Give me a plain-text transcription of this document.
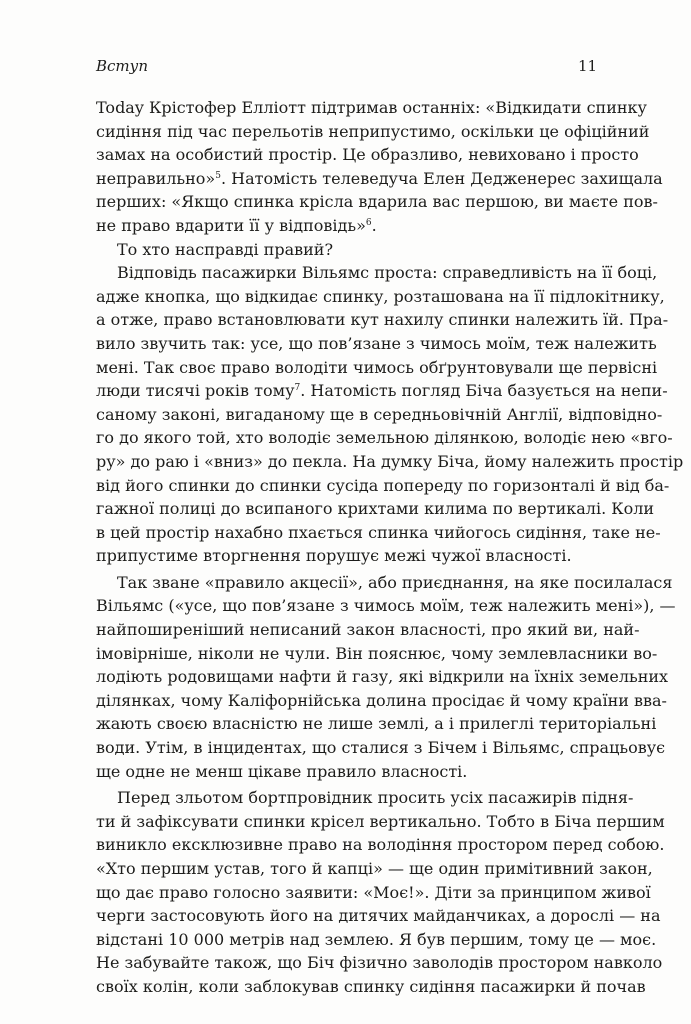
Вступ	11
Today Крістофер Еллiотт підтримав останніх: «Відкидати спинку
сидіння під час перельотів неприпустимо, оскільки це офіційний
замах на особистий простір. Це образливо, невиховано і просто
неправильно»$^5$. Натомість телеведуча Елен Дедженерес захищала
перших: «Якщо спинка крісла вдарила вас першою, ви маєте пов-
не право вдарити її у відповідь»$^6$.
То хто насправді правий?
Відповідь пасажирки Вільямс проста: справедливість на її боці,
адже кнопка, що відкидає спинку, розташована на її підлокітнику,
а отже, право встановлювати кут нахилу спинки належить їй. Пра-
вило звучить так: усе, що пов’язане з чимось моїм, теж належить
мені. Так своє право володіти чимось обґрунтовували ще первісні
люди тисячі років тому$^7$. Натомість погляд Біча базується на непи-
саному законі, вигаданому ще в середньовічній Англії, відповідно-
го до якого той, хто володіє земельною ділянкою, володіє нею «вго-
ру» до раю і «вниз» до пекла. На думку Біча, йому належить простір
від його спинки до спинки сусіда попереду по горизонталі й від ба-
гажної полиці до всипаного крихтами килима по вертикалі. Коли
в цей простір нахабно пхається спинка чийогось сидіння, таке не-
припустиме вторгнення порушує межі чужої власності.
Так зване «правило акцесії», або приєднання, на яке посилалася
Вільямс («усе, що пов’язане з чимось моїм, теж належить мені»), —
найпоширеніший неписаний закон власності, про який ви, най-
імовірніше, ніколи не чули. Він пояснює, чому землевласники во-
лодіють родовищами нафти й газу, які відкрили на їхніх земельних
ділянках, чому Каліфорнійська долина просідає й чому країни вва-
жають своєю власністю не лише землі, а і прилеглі територіальні
води. Утім, в інцидентах, що сталися з Бічем і Вільямс, спрацьовує
ще одне не менш цікаве правило власності.
Перед зльотом бортпровідник просить усіх пасажирів підня-
ти й зафіксувати спинки крісел вертикально. Тобто в Біча першим
виникло ексклюзивне право на володіння простором перед собою.
«Хто першим устав, того й капці» — ще один примітивний закон,
що дає право голосно заявити: «Моє!». Діти за принципом живої
черги застосовують його на дитячих майданчиках, а дорослі — на
відстані 10 000 метрів над землею. Я був першим, тому це — моє.
Не забувайте також, що Біч фізично заволодів простором навколо
своїх колін, коли заблокував спинку сидіння пасажирки й почав
